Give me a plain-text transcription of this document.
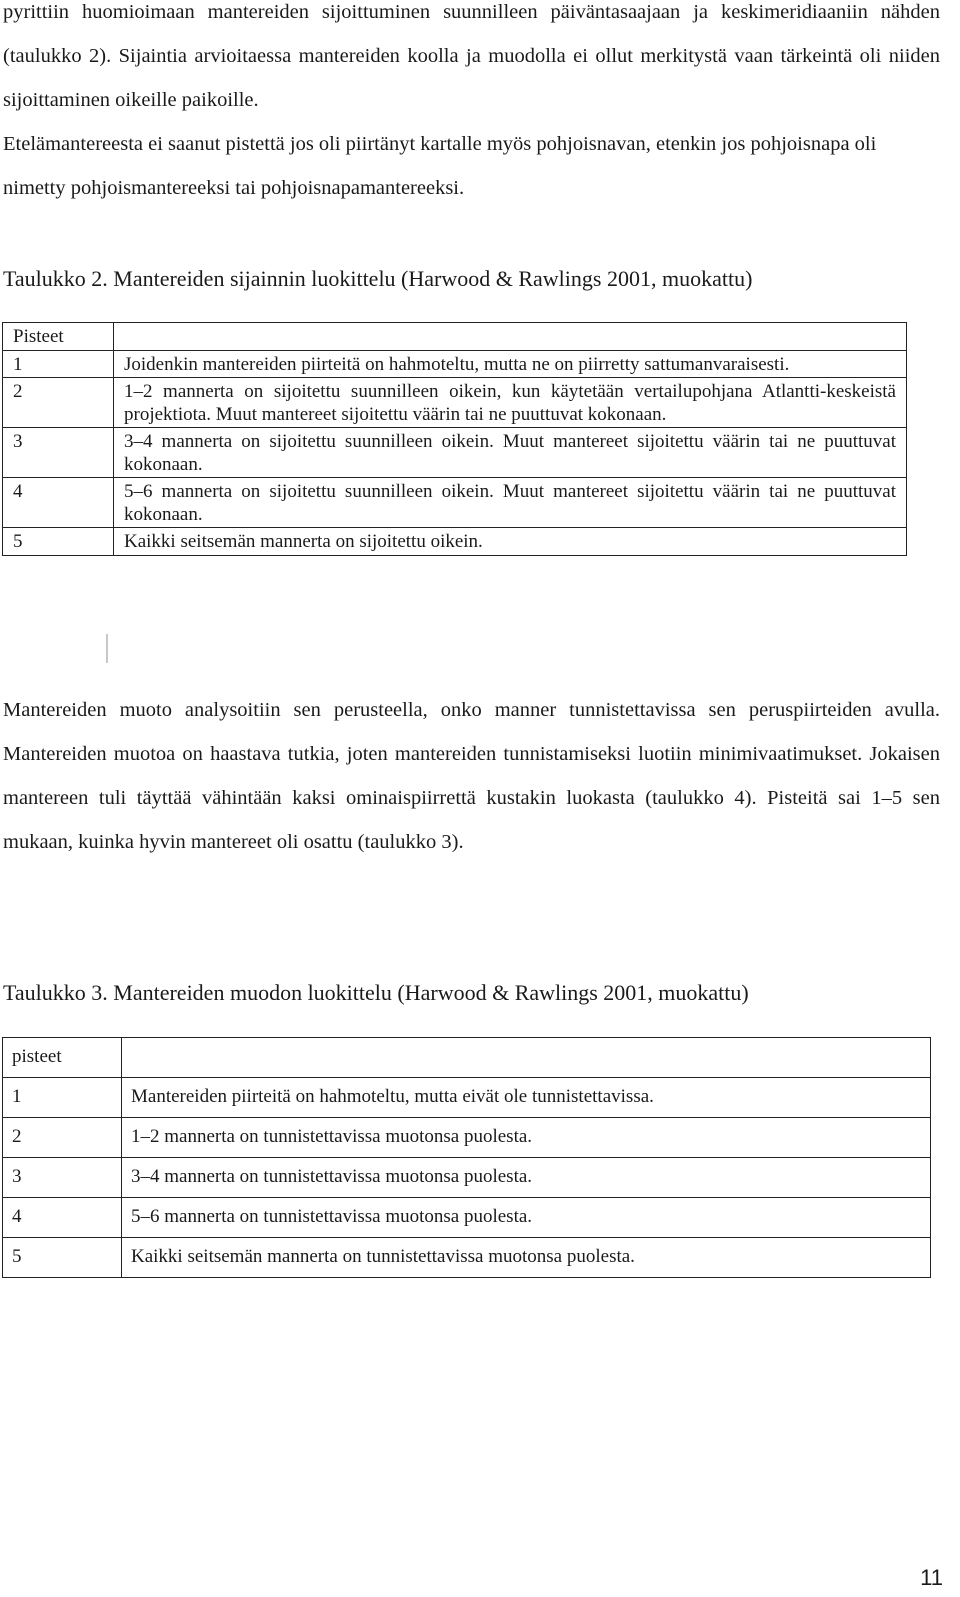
pyrittiin huomioimaan mantereiden sijoittuminen suunnilleen päiväntasaajaan ja keskimeridiaaniin nähden (taulukko 2). Sijaintia arvioitaessa mantereiden koolla ja muodolla ei ollut merkitystä vaan tärkeintä oli niiden sijoittaminen oikeille paikoille.
Etelämantereesta ei saanut pistettä jos oli piirtänyt kartalle myös pohjoisnavan, etenkin jos pohjoisnapa oli nimetty pohjoismantereeksi tai pohjoisnapamantereeksi.
Taulukko 2. Mantereiden sijainnin luokittelu (Harwood & Rawlings 2001, muokattu)
Pisteet	
1	Joidenkin mantereiden piirteitä on hahmoteltu, mutta ne on piirretty sattumanvaraisesti.
2	1–2 mannerta on sijoitettu suunnilleen oikein, kun käytetään vertailupohjana Atlantti-keskeistä projektiota. Muut mantereet sijoitettu väärin tai ne puuttuvat kokonaan.
3	3–4 mannerta on sijoitettu suunnilleen oikein. Muut mantereet sijoitettu väärin tai ne puuttuvat kokonaan.
4	5–6 mannerta on sijoitettu suunnilleen oikein. Muut mantereet sijoitettu väärin tai ne puuttuvat kokonaan.
5	Kaikki seitsemän mannerta on sijoitettu oikein.
Mantereiden muoto analysoitiin sen perusteella, onko manner tunnistettavissa sen peruspiirteiden avulla. Mantereiden muotoa on haastava tutkia, joten mantereiden tunnistamiseksi luotiin minimivaatimukset. Jokaisen mantereen tuli täyttää vähintään kaksi ominaispiirrettä kustakin luokasta (taulukko 4). Pisteitä sai 1–5 sen mukaan, kuinka hyvin mantereet oli osattu (taulukko 3).
Taulukko 3. Mantereiden muodon luokittelu (Harwood & Rawlings 2001, muokattu)
pisteet	
1	Mantereiden piirteitä on hahmoteltu, mutta eivät ole tunnistettavissa.
2	1–2 mannerta on tunnistettavissa muotonsa puolesta.
3	3–4 mannerta on tunnistettavissa muotonsa puolesta.
4	5–6 mannerta on tunnistettavissa muotonsa puolesta.
5	Kaikki seitsemän mannerta on tunnistettavissa muotonsa puolesta.
11
